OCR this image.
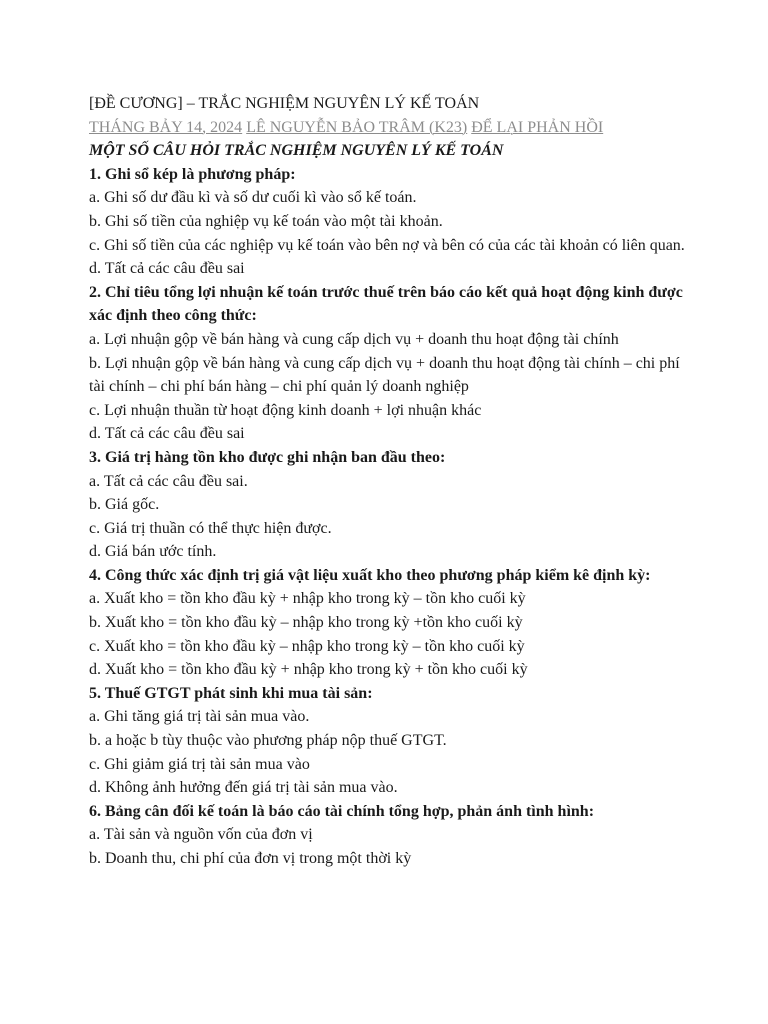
[ĐỀ CƯƠNG] – TRẮC NGHIỆM NGUYÊN LÝ KẾ TOÁN
THÁNG BẢY 14, 2024 LÊ NGUYỄN BẢO TRÂM (K23) ĐỂ LẠI PHẢN HỒI
MỘT SỐ CÂU HỎI TRẮC NGHIỆM NGUYÊN LÝ KẾ TOÁN
1. Ghi sổ kép là phương pháp:
a. Ghi số dư đầu kì và số dư cuối kì vào sổ kế toán.
b. Ghi số tiền của nghiệp vụ kế toán vào một tài khoản.
c. Ghi số tiền của các nghiệp vụ kế toán vào bên nợ và bên có của các tài khoản có liên quan.
d. Tất cả các câu đều sai
2. Chỉ tiêu tổng lợi nhuận kế toán trước thuế trên báo cáo kết quả hoạt động kinh được xác định theo công thức:
a. Lợi nhuận gộp về bán hàng và cung cấp dịch vụ + doanh thu hoạt động tài chính
b. Lợi nhuận gộp về bán hàng và cung cấp dịch vụ + doanh thu hoạt động tài chính – chi phí tài chính – chi phí bán hàng – chi phí quản lý doanh nghiệp
c. Lợi nhuận thuần từ hoạt động kinh doanh + lợi nhuận khác
d. Tất cả các câu đều sai
3. Giá trị hàng tồn kho được ghi nhận ban đầu theo:
a. Tất cả các câu đều sai.
b. Giá gốc.
c. Giá trị thuần có thể thực hiện được.
d. Giá bán ước tính.
4. Công thức xác định trị giá vật liệu xuất kho theo phương pháp kiểm kê định kỳ:
a. Xuất kho = tồn kho đầu kỳ + nhập kho trong kỳ – tồn kho cuối kỳ
b. Xuất kho = tồn kho đầu kỳ – nhập kho trong kỳ +tồn kho cuối kỳ
c. Xuất kho = tồn kho đầu kỳ – nhập kho trong kỳ – tồn kho cuối kỳ
d. Xuất kho = tồn kho đầu kỳ + nhập kho trong kỳ + tồn kho cuối kỳ
5. Thuế GTGT phát sinh khi mua tài sản:
a. Ghi tăng giá trị tài sản mua vào.
b. a hoặc b tùy thuộc vào phương pháp nộp thuế GTGT.
c. Ghi giảm giá trị tài sản mua vào
d. Không ảnh hưởng đến giá trị tài sản mua vào.
6. Bảng cân đối kế toán là báo cáo tài chính tổng hợp, phản ánh tình hình:
a. Tài sản và nguồn vốn của đơn vị
b. Doanh thu, chi phí của đơn vị trong một thời kỳ
